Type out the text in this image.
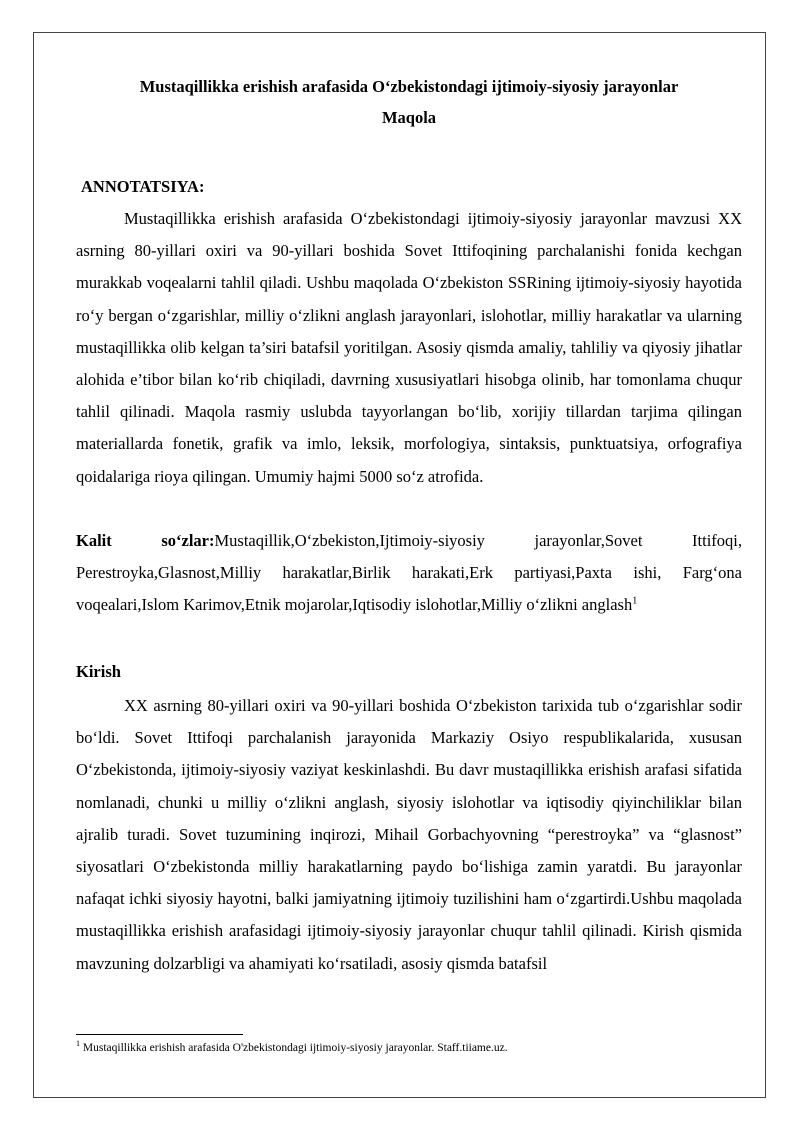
Mustaqillikka erishish arafasida O‘zbekistondagi ijtimoiy-siyosiy jarayonlar
Maqola
ANNOTATSIYA:

Mustaqillikka erishish arafasida O‘zbekistondagi ijtimoiy-siyosiy jarayonlar mavzusi XX asrning 80-yillari oxiri va 90-yillari boshida Sovet Ittifoqining parchalanishi fonida kechgan murakkab voqealarni tahlil qiladi. Ushbu maqolada O‘zbekiston SSRining ijtimoiy-siyosiy hayotida ro‘y bergan o‘zgarishlar, milliy o‘zlikni anglash jarayonlari, islohotlar, milliy harakatlar va ularning mustaqillikka olib kelgan ta’siri batafsil yoritilgan. Asosiy qismda amaliy, tahliliy va qiyosiy jihatlar alohida e’tibor bilan ko‘rib chiqiladi, davrning xususiyatlari hisobga olinib, har tomonlama chuqur tahlil qilinadi. Maqola rasmiy uslubda tayyorlangan bo‘lib, xorijiy tillardan tarjima qilingan materiallarda fonetik, grafik va imlo, leksik, morfologiya, sintaksis, punktuatsiya, orfografiya qoidalariga rioya qilingan. Umumiy hajmi 5000 so‘z atrofida.

Kalit so‘zlar:Mustaqillik,O‘zbekiston,Ijtimoiy-siyosiy jarayonlar,Sovet Ittifoqi, Perestroyka,Glasnost,Milliy harakatlar,Birlik harakati,Erk partiyasi,Paxta ishi, Farg‘ona voqealari,Islom Karimov,Etnik mojarolar,Iqtisodiy islohotlar,Milliy o‘zlikni anglash$^1$

Kirish

XX asrning 80-yillari oxiri va 90-yillari boshida O‘zbekiston tarixida tub o‘zgarishlar sodir bo‘ldi. Sovet Ittifoqi parchalanish jarayonida Markaziy Osiyo respublikalarida, xususan O‘zbekistonda, ijtimoiy-siyosiy vaziyat keskinlashdi. Bu davr mustaqillikka erishish arafasi sifatida nomlanadi, chunki u milliy o‘zlikni anglash, siyosiy islohotlar va iqtisodiy qiyinchiliklar bilan ajralib turadi. Sovet tuzumining inqirozi, Mihail Gorbachyovning “perestroyka” va “glasnost” siyosatlari O‘zbekistonda milliy harakatlarning paydo bo‘lishiga zamin yaratdi. Bu jarayonlar nafaqat ichki siyosiy hayotni, balki jamiyatning ijtimoiy tuzilishini ham o‘zgartirdi.Ushbu maqolada mustaqillikka erishish arafasidagi ijtimoiy-siyosiy jarayonlar chuqur tahlil qilinadi. Kirish qismida mavzuning dolzarbligi va ahamiyati ko‘rsatiladi, asosiy qismda batafsil

$^1$ Mustaqillikka erishish arafasida O'zbekistondagi ijtimoiy-siyosiy jarayonlar. Staff.tiiame.uz.
